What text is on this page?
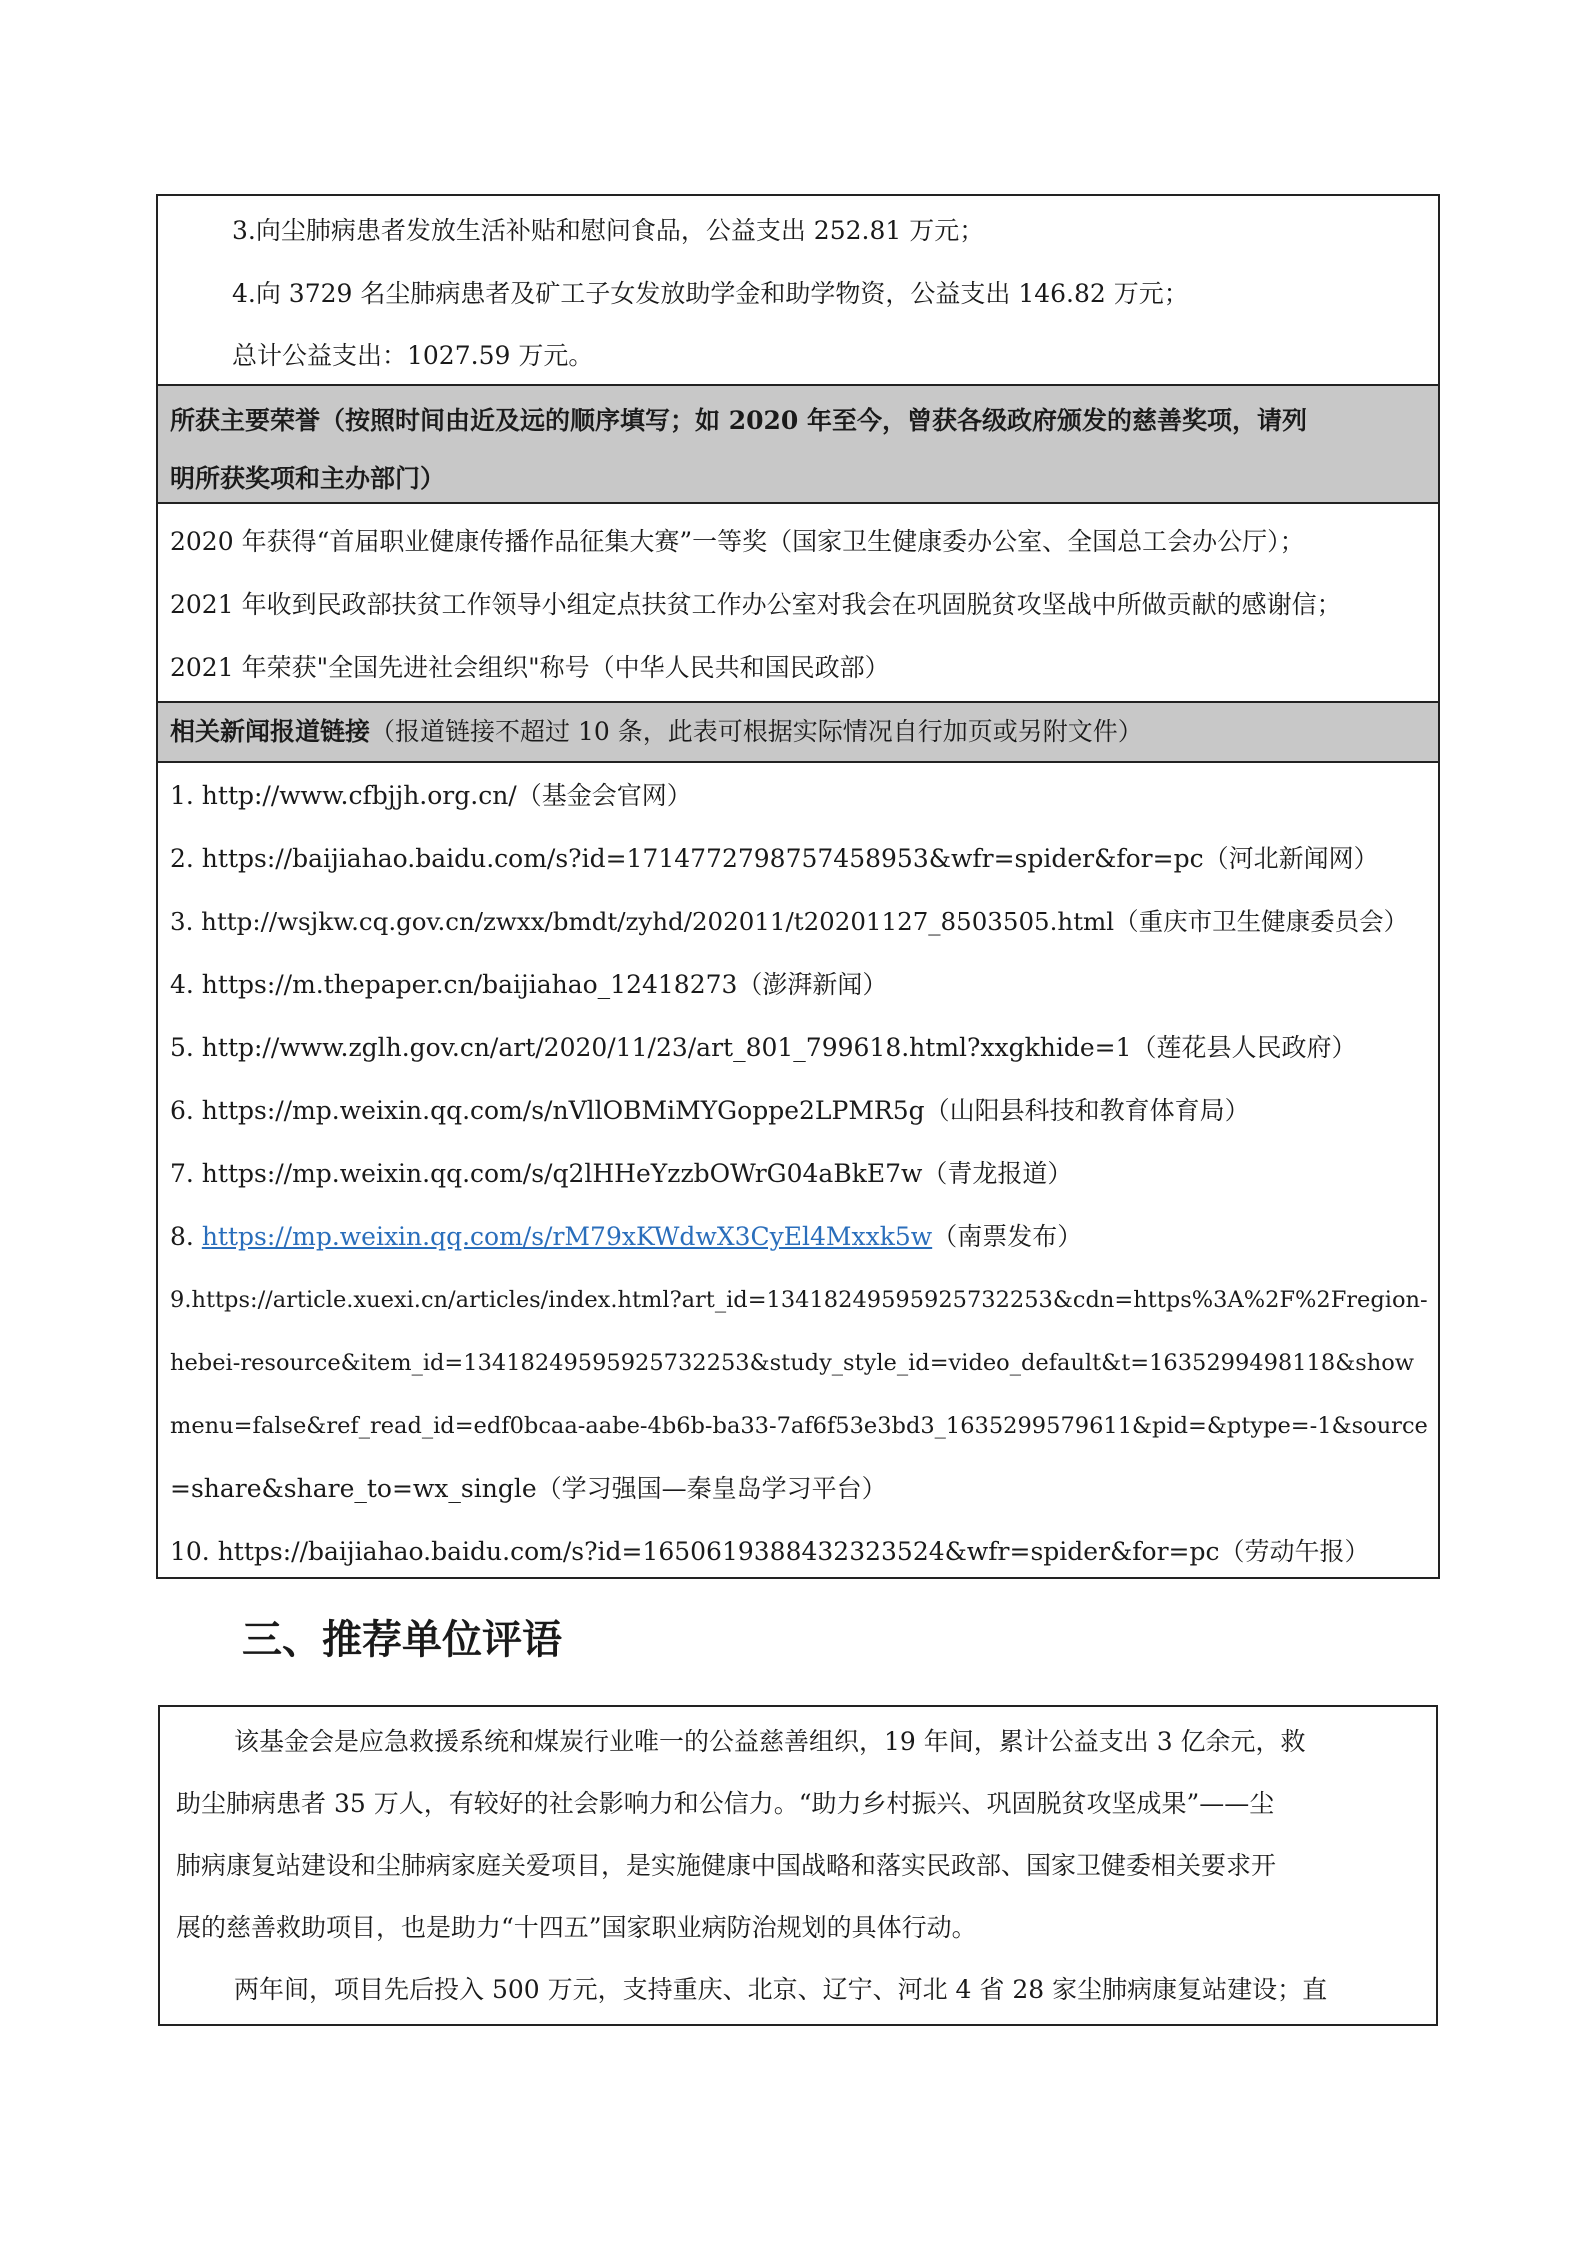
3.向尘肺病患者发放生活补贴和慰问食品，公益支出 252.81 万元；
4.向 3729 名尘肺病患者及矿工子女发放助学金和助学物资，公益支出 146.82 万元；
总计公益支出：1027.59 万元。
所获主要荣誉（按照时间由近及远的顺序填写；如 2020 年至今，曾获各级政府颁发的慈善奖项，请列
明所获奖项和主办部门）
2020 年获得“首届职业健康传播作品征集大赛”一等奖（国家卫生健康委办公室、全国总工会办公厅）；
2021 年收到民政部扶贫工作领导小组定点扶贫工作办公室对我会在巩固脱贫攻坚战中所做贡献的感谢信；
2021 年荣获"全国先进社会组织"称号（中华人民共和国民政部）
相关新闻报道链接（报道链接不超过 10 条，此表可根据实际情况自行加页或另附文件）
1. http://www.cfbjjh.org.cn/（基金会官网）
2. https://baijiahao.baidu.com/s?id=1714772798757458953&wfr=spider&for=pc（河北新闻网）
3. http://wsjkw.cq.gov.cn/zwxx/bmdt/zyhd/202011/t20201127_8503505.html（重庆市卫生健康委员会）
4. https://m.thepaper.cn/baijiahao_12418273（澎湃新闻）
5. http://www.zglh.gov.cn/art/2020/11/23/art_801_799618.html?xxgkhide=1（莲花县人民政府）
6. https://mp.weixin.qq.com/s/nVllOBMiMYGoppe2LPMR5g（山阳县科技和教育体育局）
7. https://mp.weixin.qq.com/s/q2lHHeYzzbOWrG04aBkE7w（青龙报道）
8. https://mp.weixin.qq.com/s/rM79xKWdwX3CyEl4Mxxk5w（南票发布）
9.https://article.xuexi.cn/articles/index.html?art_id=13418249595925732253&cdn=https%3A%2F%2Fregion-
hebei-resource&item_id=13418249595925732253&study_style_id=video_default&t=1635299498118&show
menu=false&ref_read_id=edf0bcaa-aabe-4b6b-ba33-7af6f53e3bd3_1635299579611&pid=&ptype=-1&source
=share&share_to=wx_single（学习强国—秦皇岛学习平台）
10. https://baijiahao.baidu.com/s?id=1650619388432323524&wfr=spider&for=pc（劳动午报）
三、推荐单位评语
该基金会是应急救援系统和煤炭行业唯一的公益慈善组织，19 年间，累计公益支出 3 亿余元，救
助尘肺病患者 35 万人，有较好的社会影响力和公信力。“助力乡村振兴、巩固脱贫攻坚成果”——尘
肺病康复站建设和尘肺病家庭关爱项目，是实施健康中国战略和落实民政部、国家卫健委相关要求开
展的慈善救助项目，也是助力“十四五”国家职业病防治规划的具体行动。
两年间，项目先后投入 500 万元，支持重庆、北京、辽宁、河北 4 省 28 家尘肺病康复站建设；直
